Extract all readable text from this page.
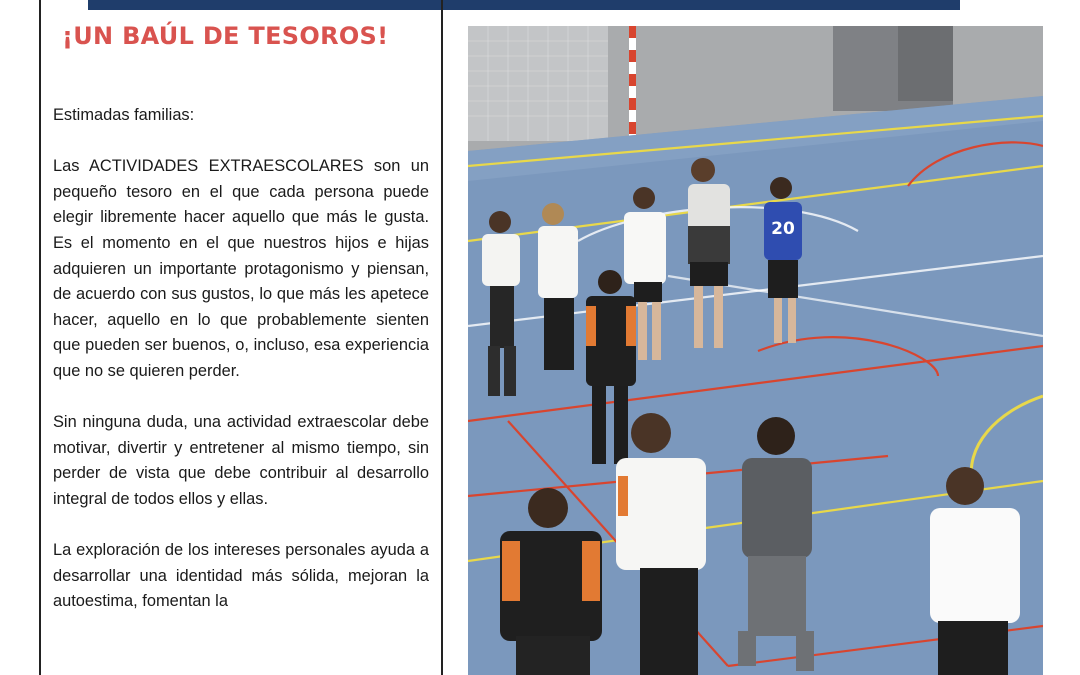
¡UN BAÚL DE TESOROS!

Estimadas familias:

Las ACTIVIDADES EXTRAESCOLARES son un pequeño tesoro en el que cada persona puede elegir libremente hacer aquello que más le gusta. Es el momento en el que nuestros hijos e hijas adquieren un importante protagonismo y piensan, de acuerdo con sus gustos, lo que más les apetece hacer, aquello en lo que probablemente sienten que pueden ser buenos, o, incluso, esa experiencia que no se quieren perder.

Sin ninguna duda, una actividad extraescolar debe motivar, divertir y entretener al mismo tiempo, sin perder de vista que debe contribuir al desarrollo integral de todos ellos y ellas.

La exploración de los intereses personales ayuda a desarrollar una identidad más sólida, mejoran la autoestima, fomentan la

20
